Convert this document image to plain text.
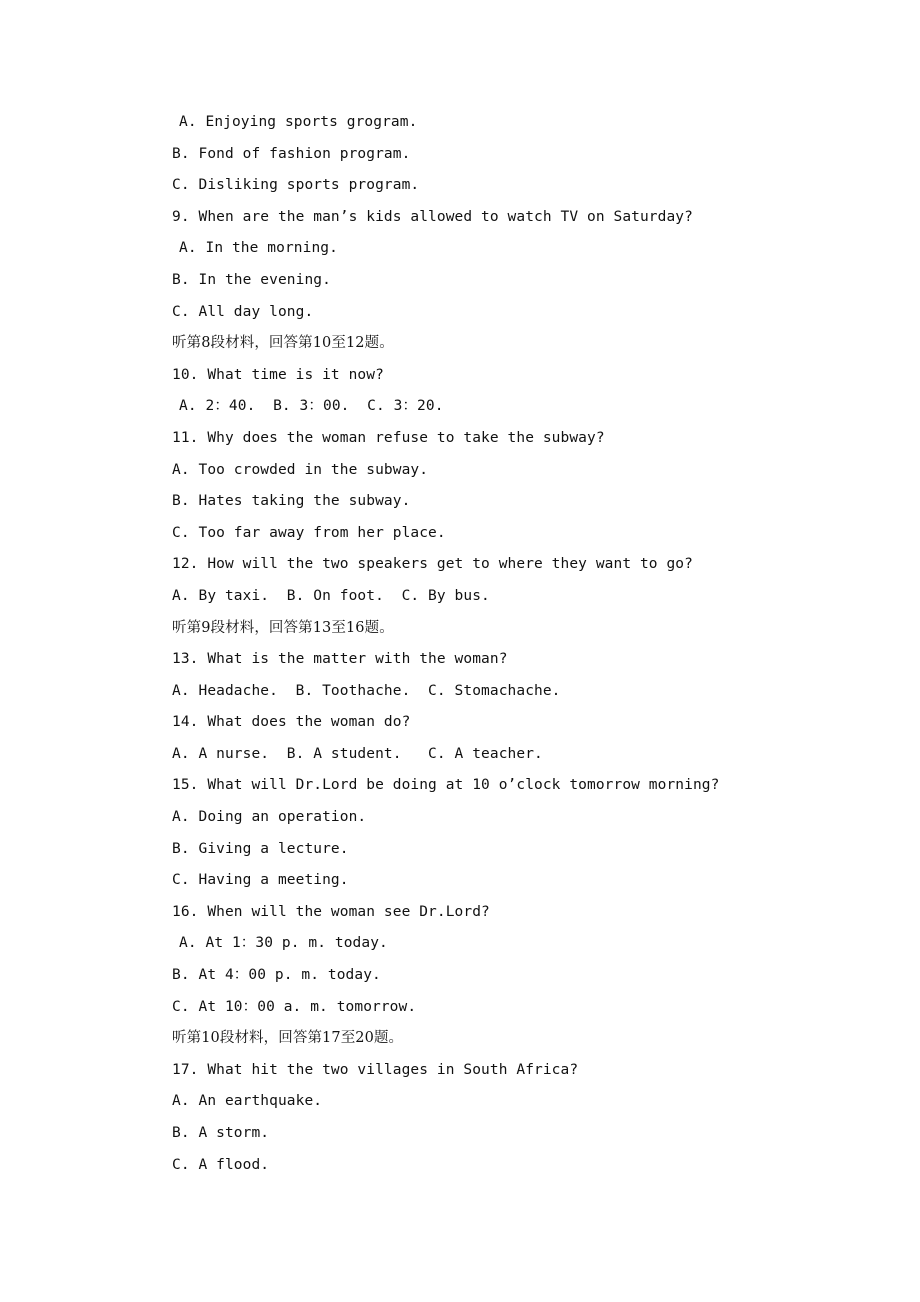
A. Enjoying sports grogram.
B. Fond of fashion program.
C. Disliking sports program.
9. When are the man’s kids allowed to watch TV on Saturday?
A. In the morning.
B. In the evening.
C. All day long.
听第8段材料，回答第10至12题。
10. What time is it now?
A. 2：40.  B. 3：00.  C. 3：20.
11. Why does the woman refuse to take the subway?
A. Too crowded in the subway.
B. Hates taking the subway.
C. Too far away from her place.
12. How will the two speakers get to where they want to go?
A. By taxi.  B. On foot.  C. By bus.
听第9段材料，回答第13至16题。
13. What is the matter with the woman?
A. Headache.  B. Toothache.  C. Stomachache.
14. What does the woman do?
A. A nurse.  B. A student.   C. A teacher.
15. What will Dr.Lord be doing at 10 o’clock tomorrow morning?
A. Doing an operation.
B. Giving a lecture.
C. Having a meeting.
16. When will the woman see Dr.Lord?
A. At 1：30 p. m. today.
B. At 4：00 p. m. today.
C. At 10：00 a. m. tomorrow.
听第10段材料，回答第17至20题。
17. What hit the two villages in South Africa?
A. An earthquake.
B. A storm.
C. A flood.
